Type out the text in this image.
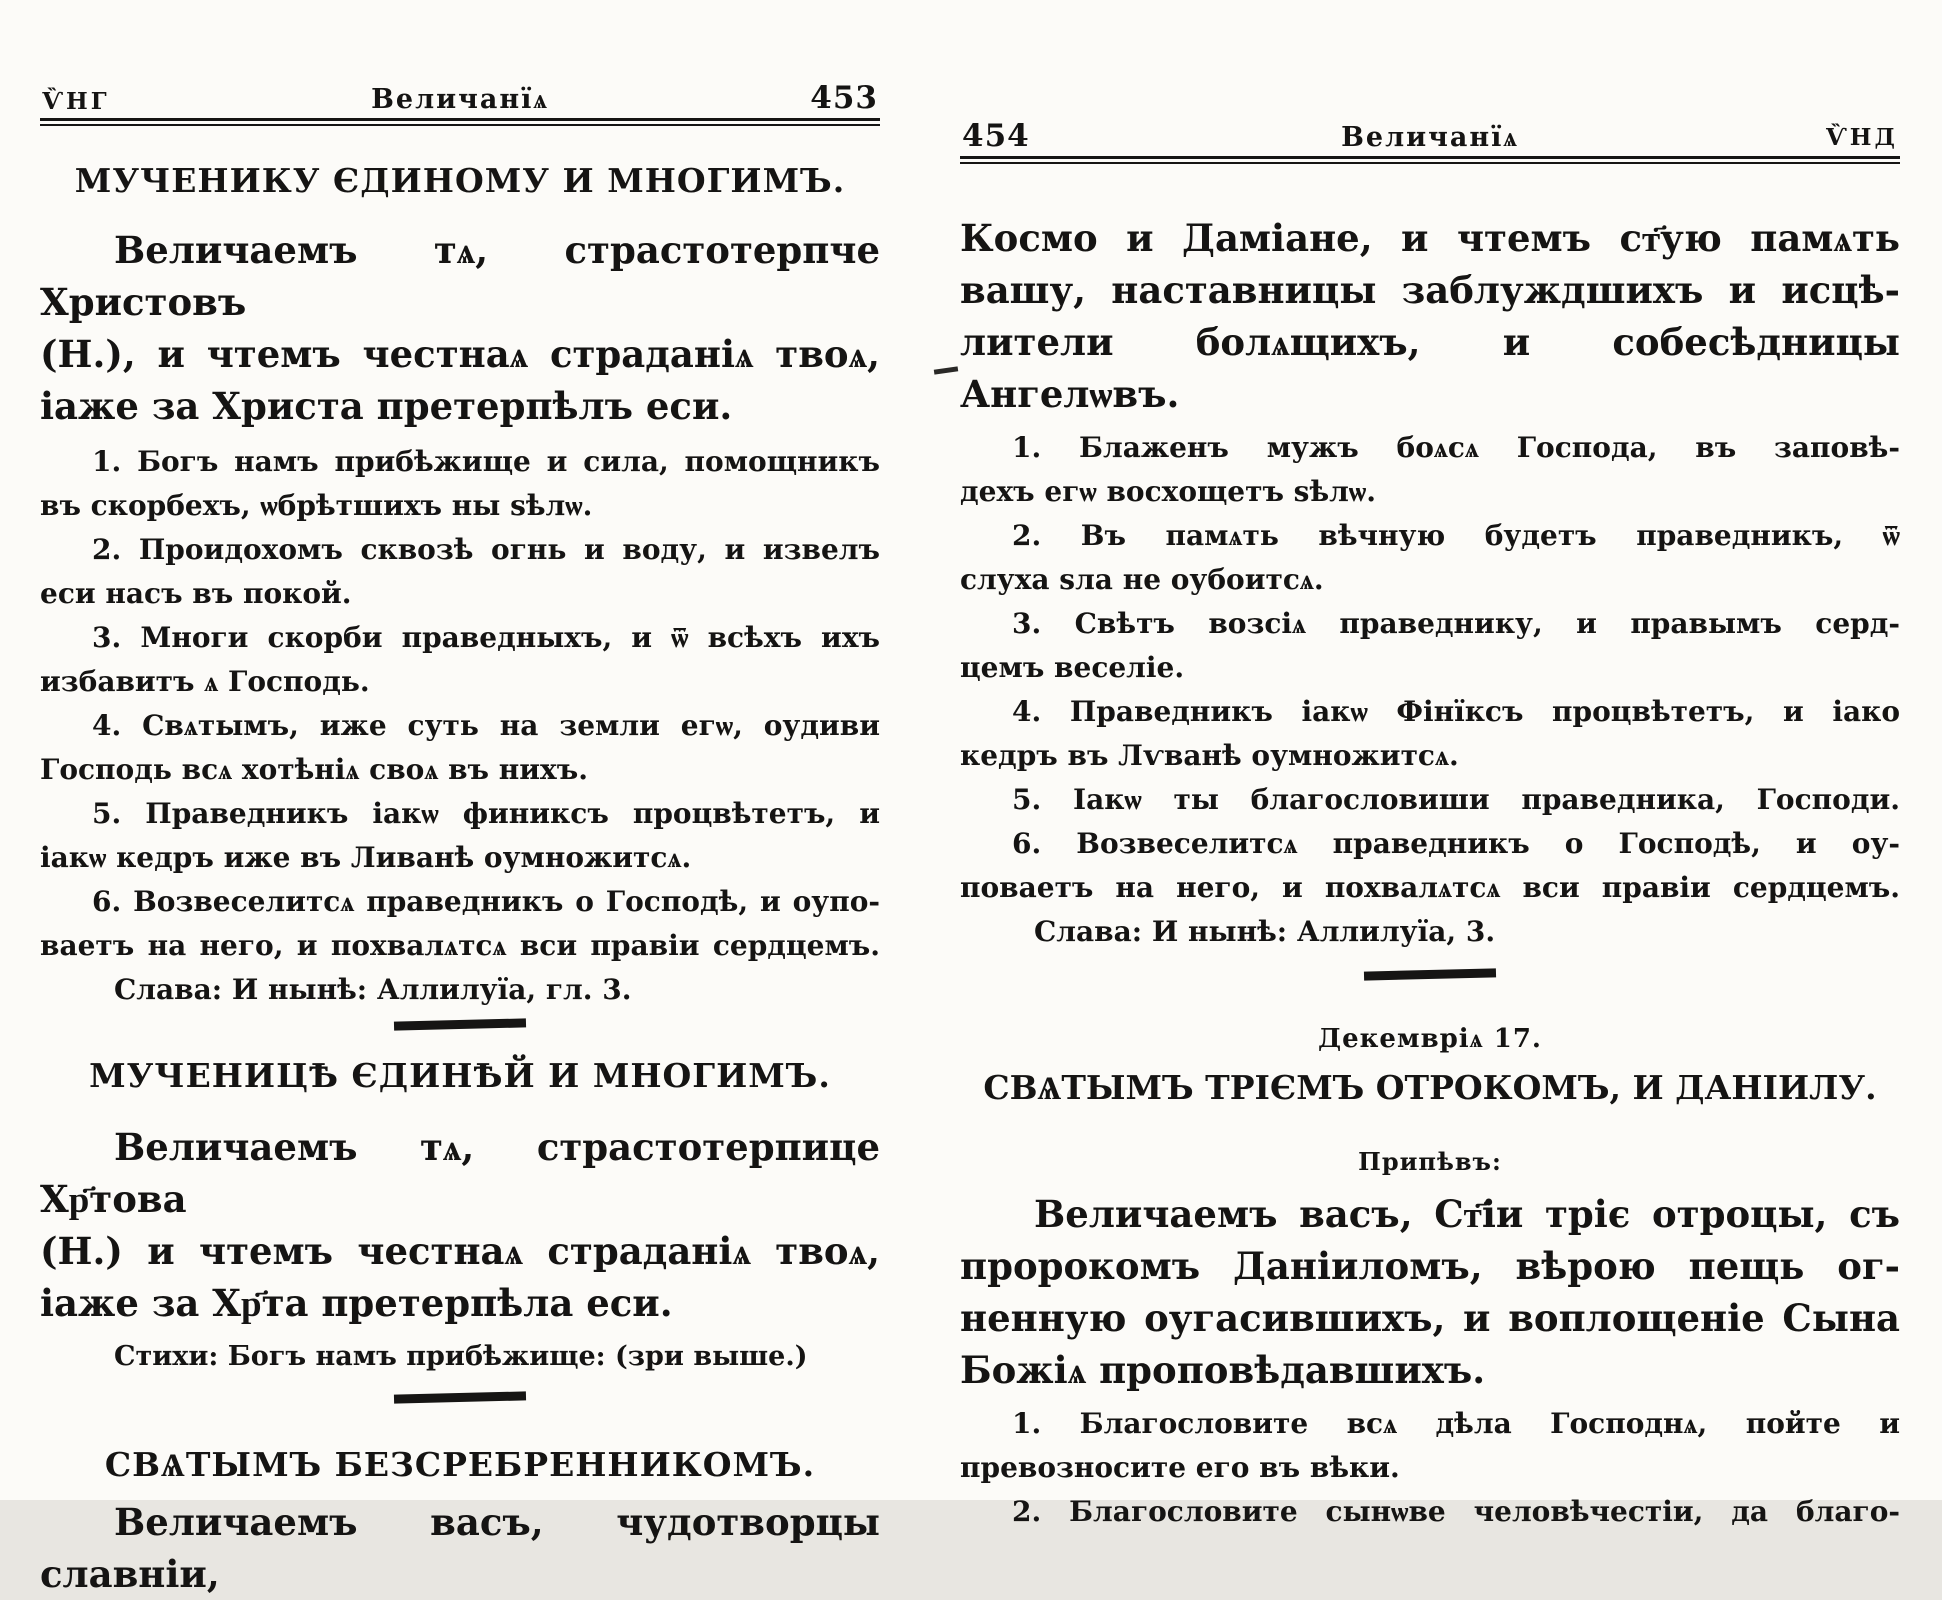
ѶНГ	Величанїѧ	453
МУЧЕНИКУ ЄДИНОМУ И МНОГИМЪ.
Величаемъ тѧ, страстотерпче Христовъ
(Н.), и чтемъ честнаѧ страданіѧ твоѧ,
іаже за Христа претерпѣлъ еси.
1. Богъ намъ прибѣжище и сила, помощникъ
въ скорбехъ, ѡбрѣтшихъ ны ѕѣлѡ.
2. Проидохомъ сквозѣ огнь и воду, и извелъ
еси насъ въ покой.
3. Многи скорби праведныхъ, и ѿ всѣхъ ихъ
избавитъ ѧ Господь.
4. Свѧтымъ, иже суть на земли егѡ, оудиви
Господь всѧ хотѣніѧ своѧ въ нихъ.
5. Праведникъ іакѡ финиксъ процвѣтетъ, и
іакѡ кедръ иже въ Ливанѣ оумножитсѧ.
6. Возвеселитсѧ праведникъ о Господѣ, и оупо-
ваетъ на него, и похвалѧтсѧ вси правіи сердцемъ.
Слава: И нынѣ: Аллилуїа, гл. 3.
МУЧЕНИЦѢ ЄДИНѢЙ И МНОГИМЪ.
Величаемъ тѧ, страстотерпице Хр҃това
(Н.) и чтемъ честнаѧ страданіѧ твоѧ,
іаже за Хр҃та претерпѣла еси.
Стихи: Богъ намъ прибѣжище: (зри выше.)
СВѦТЫМЪ БЕЗСРЕБРЕННИКОМЪ.
Величаемъ васъ, чудотворцы славніи,
454	Величанїѧ	ѶНД
Космо и Даміане, и чтемъ ст҃ую памѧть
вашу, наставницы заблуждшихъ и исцѣ-
лители болѧщихъ, и собесѣдницы Ангелѡвъ.
1. Блаженъ мужъ боѧсѧ Господа, въ заповѣ-
дехъ егѡ восхощетъ ѕѣлѡ.
2. Въ памѧть вѣчную будетъ праведникъ, ѿ
слуха ѕла не оубоитсѧ.
3. Свѣтъ возсіѧ праведнику, и правымъ серд-
цемъ веселіе.
4. Праведникъ іакѡ Фінїксъ процвѣтетъ, и іако
кедръ въ Лѵванѣ оумножитсѧ.
5. Іакѡ ты благословиши праведника, Господи.
6. Возвеселитсѧ праведникъ о Господѣ, и оу-
поваетъ на него, и похвалѧтсѧ вси правіи сердцемъ.
Слава: И нынѣ: Аллилуїа, 3.
Декемвріѧ 17.
СВѦТЫМЪ ТРІЄМЪ ОТРОКОМЪ, И ДАНІИЛУ.
Припѣвъ:
Величаемъ васъ, Ст҃іи тріє отроцы, съ
пророкомъ Даніиломъ, вѣрою пещь ог-
ненную оугасившихъ, и воплощеніе Сына
Божіѧ проповѣдавшихъ.
1. Благословите всѧ дѣла Господнѧ, пойте и
превозносите его въ вѣки.
2. Благословите сынѡве человѣчестіи, да благо-
